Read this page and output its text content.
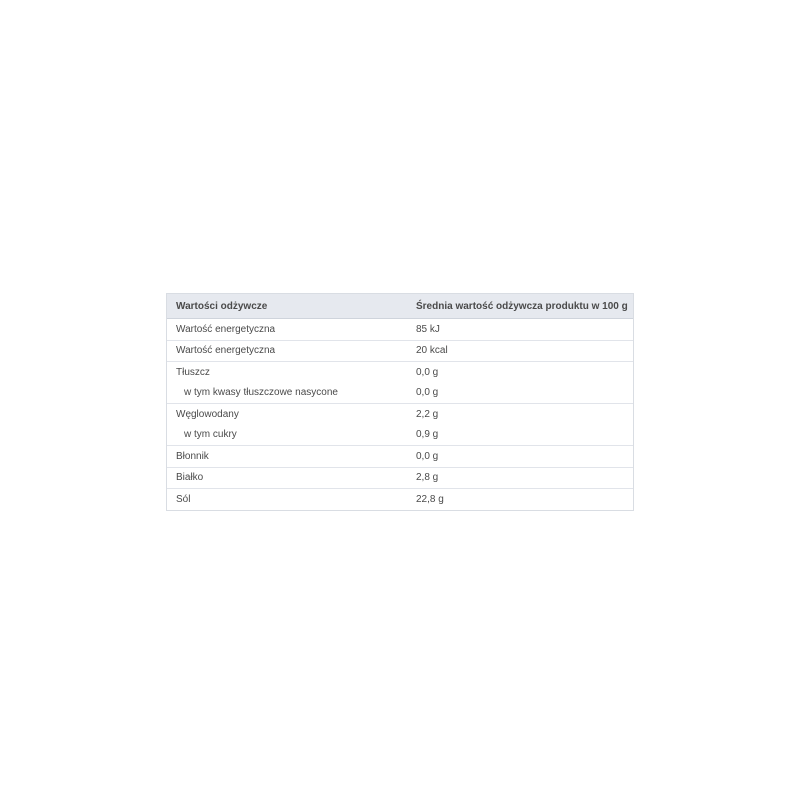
Wartości odżywcze	Średnia wartość odżywcza produktu w 100 g
Wartość energetyczna	85 kJ
Wartość energetyczna	20 kcal
Tłuszcz	0,0 g
w tym kwasy tłuszczowe nasycone	0,0 g
Węglowodany	2,2 g
w tym cukry	0,9 g
Błonnik	0,0 g
Białko	2,8 g
Sól	22,8 g
